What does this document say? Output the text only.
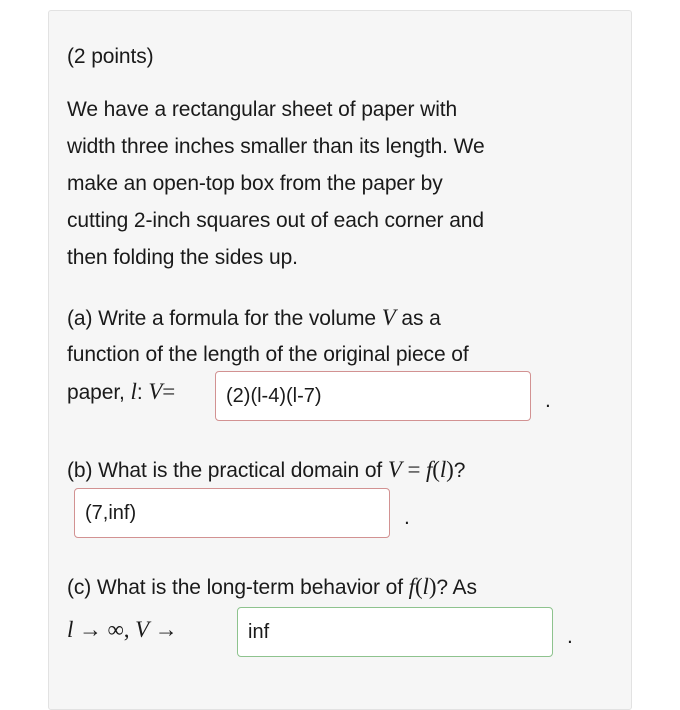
(2 points)
We have a rectangular sheet of paper with
width three inches smaller than its length. We
make an open-top box from the paper by
cutting 2-inch squares out of each corner and
then folding the sides up.
(a) Write a formula for the volume V as a
function of the length of the original piece of
paper, l: V=	(2)(l-4)(l-7)	.
(b) What is the practical domain of V = f(l)?
(7,inf)	.
(c) What is the long-term behavior of f(l)? As
l → ∞, V →	inf	.
